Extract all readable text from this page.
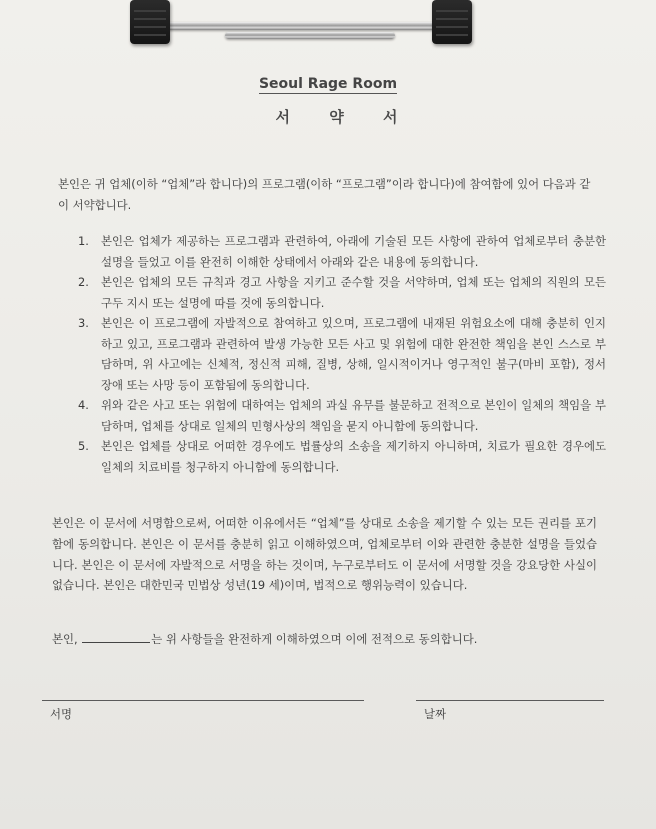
Seoul Rage Room
서 약 서

본인은 귀 업체(이하 “업체”라 합니다)의 프로그램(이하 “프로그램”이라 합니다)에 참여함에 있어 다음과 같이 서약합니다.

1.	본인은 업체가 제공하는 프로그램과 관련하여, 아래에 기술된 모든 사항에 관하여 업체로부터 충분한 설명을 들었고 이를 완전히 이해한 상태에서 아래와 같은 내용에 동의합니다.
2.	본인은 업체의 모든 규칙과 경고 사항을 지키고 준수할 것을 서약하며, 업체 또는 업체의 직원의 모든 구두 지시 또는 설명에 따를 것에 동의합니다.
3.	본인은 이 프로그램에 자발적으로 참여하고 있으며, 프로그램에 내재된 위험요소에 대해 충분히 인지하고 있고, 프로그램과 관련하여 발생 가능한 모든 사고 및 위험에 대한 완전한 책임을 본인 스스로 부담하며, 위 사고에는 신체적, 정신적 피해, 질병, 상해, 일시적이거나 영구적인 불구(마비 포함), 정서 장애 또는 사망 등이 포함됨에 동의합니다.
4.	위와 같은 사고 또는 위험에 대하여는 업체의 과실 유무를 불문하고 전적으로 본인이 일체의 책임을 부담하며, 업체를 상대로 일체의 민형사상의 책임을 묻지 아니함에 동의합니다.
5.	본인은 업체를 상대로 어떠한 경우에도 법률상의 소송을 제기하지 아니하며, 치료가 필요한 경우에도 일체의 치료비를 청구하지 아니함에 동의합니다.

본인은 이 문서에 서명함으로써, 어떠한 이유에서든 “업체”를 상대로 소송을 제기할 수 있는 모든 권리를 포기함에 동의합니다. 본인은 이 문서를 충분히 읽고 이해하였으며, 업체로부터 이와 관련한 충분한 설명을 들었습니다. 본인은 이 문서에 자발적으로 서명을 하는 것이며, 누구로부터도 이 문서에 서명할 것을 강요당한 사실이 없습니다. 본인은 대한민국 민법상 성년(19 세)이며, 법적으로 행위능력이 있습니다.

본인,	는 위 사항들을 완전하게 이해하였으며 이에 전적으로 동의합니다.

서명	날짜
